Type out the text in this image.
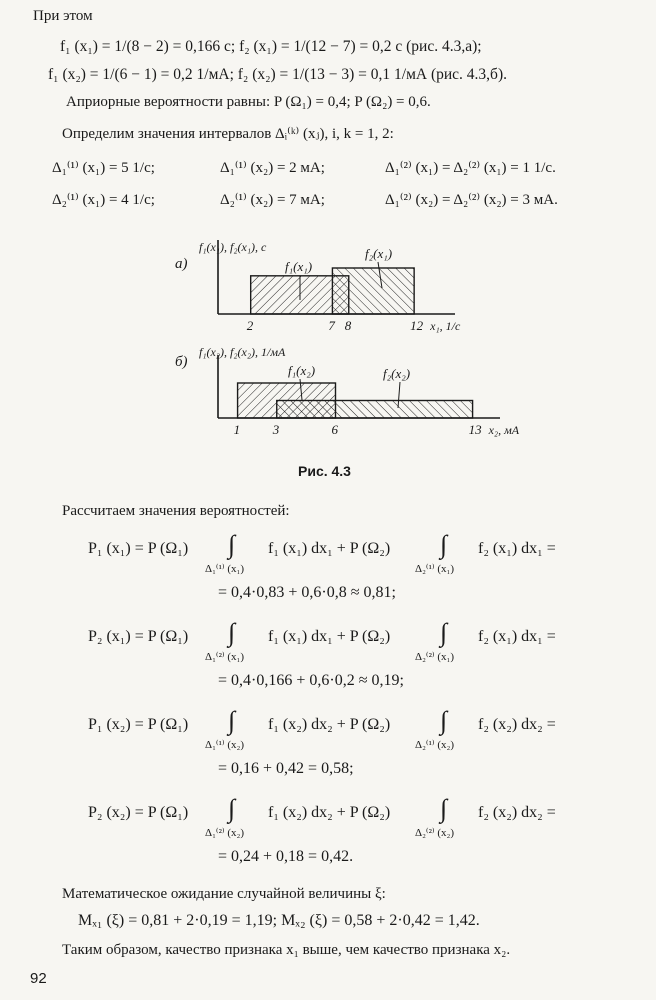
При этом
f₁ (x₁) = 1/(8 − 2) = 0,166 с; f₂ (x₁) = 1/(12 − 7) = 0,2 с (рис. 4.3,а);
f₁ (x₂) = 1/(6 − 1) = 0,2 1/мА; f₂ (x₂) = 1/(13 − 3) = 0,1 1/мА (рис. 4.3,б).
Априорные вероятности равны: P (Ω₁) = 0,4; P (Ω₂) = 0,6.
Определим значения интервалов Δᵢ⁽ᵏ⁾ (xⱼ), i, k = 1, 2:
Δ₁⁽¹⁾ (x₁) = 5 1/с;	Δ₁⁽¹⁾ (x₂) = 2 мА;	Δ₁⁽²⁾ (x₁) = Δ₂⁽²⁾ (x₁) = 1 1/с.
Δ₂⁽¹⁾ (x₁) = 4 1/с;	Δ₂⁽¹⁾ (x₂) = 7 мА;	Δ₁⁽²⁾ (x₂) = Δ₂⁽²⁾ (x₂) = 3 мА.
f₁(x₁)
f₂(x₁)
2	7 8	12
а)
f₁(x₁), f₂(x₁), с
x₁, 1/с
f₁(x₂)	f₂(x₂)
1	3	6	13
б)
f₁(x₂), f₂(x₂), 1/мА
x₂, мА
Рис. 4.3
Рассчитаем значения вероятностей:
P₁ (x₁) = P (Ω₁) ∫
Δ₁⁽¹⁾ (x₁)
f₁ (x₁) dx₁ + P (Ω₂) ∫
Δ₂⁽¹⁾ (x₁)
f₂ (x₁) dx₁ =
= 0,4·0,83 + 0,6·0,8 ≈ 0,81;
P₂ (x₁) = P (Ω₁) ∫
Δ₁⁽²⁾ (x₁)
f₁ (x₁) dx₁ + P (Ω₂) ∫
Δ₂⁽²⁾ (x₁)
f₂ (x₁) dx₁ =
= 0,4·0,166 + 0,6·0,2 ≈ 0,19;
P₁ (x₂) = P (Ω₁) ∫
Δ₁⁽¹⁾ (x₂)
f₁ (x₂) dx₂ + P (Ω₂) ∫
Δ₂⁽¹⁾ (x₂)
f₂ (x₂) dx₂ =
= 0,16 + 0,42 = 0,58;
P₂ (x₂) = P (Ω₁) ∫
Δ₁⁽²⁾ (x₂)
f₁ (x₂) dx₂ + P (Ω₂) ∫
Δ₂⁽²⁾ (x₂)
f₂ (x₂) dx₂ =
= 0,24 + 0,18 = 0,42.
Математическое ожидание случайной величины ξ:
Mₓ₁ (ξ) = 0,81 + 2·0,19 = 1,19; Mₓ₂ (ξ) = 0,58 + 2·0,42 = 1,42.
Таким образом, качество признака x₁ выше, чем качество признака x₂.
92
